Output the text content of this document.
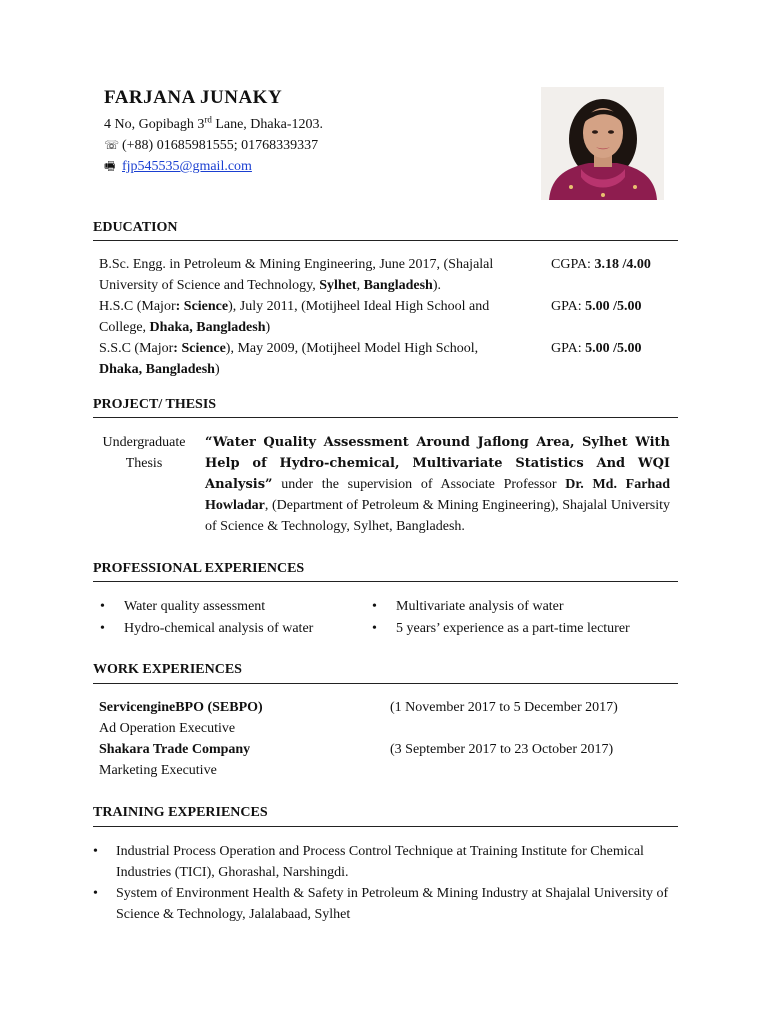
FARJANA JUNAKY
4 No, Gopibagh 3rd Lane, Dhaka-1203.
☏ (+88) 01685981555; 01768339337
🖷 fjp545535@gmail.com
EDUCATION
B.Sc. Engg. in Petroleum & Mining Engineering, June 2017, (Shajalal
University of Science and Technology, Sylhet, Bangladesh).
CGPA: 3.18 /4.00
H.S.C (Major: Science), July 2011, (Motijheel Ideal High School and
College, Dhaka, Bangladesh)
GPA: 5.00 /5.00
S.S.C (Major: Science), May 2009, (Motijheel Model High School,
Dhaka, Bangladesh)
GPA: 5.00 /5.00
PROJECT/ THESIS
Undergraduate
Thesis
“Water Quality Assessment Around Jaflong Area, Sylhet With Help of Hydro-chemical, Multivariate Statistics And WQI Analysis” under the supervision of Associate Professor Dr. Md. Farhad Howladar, (Department of Petroleum & Mining Engineering), Shajalal University of Science & Technology, Sylhet, Bangladesh.
PROFESSIONAL EXPERIENCES
•	Water quality assessment
•	Hydro-chemical analysis of water
•	Multivariate analysis of water
•	5 years’ experience as a part-time lecturer
WORK EXPERIENCES
ServicengineBPO (SEBPO)
Ad Operation Executive
(1 November 2017 to 5 December 2017)
Shakara Trade Company
Marketing Executive
(3 September 2017 to 23 October 2017)
TRAINING EXPERIENCES
•	Industrial Process Operation and Process Control Technique at Training Institute for Chemical Industries (TICI), Ghorashal, Narshingdi.
•	System of Environment Health & Safety in Petroleum & Mining Industry at Shajalal University of Science & Technology, Jalalabaad, Sylhet
